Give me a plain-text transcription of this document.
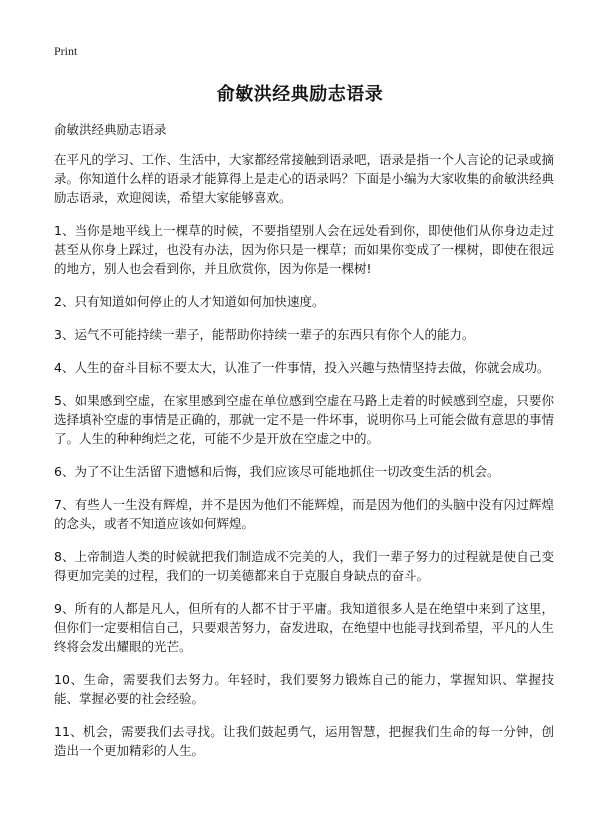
Print
俞敏洪经典励志语录
俞敏洪经典励志语录

在平凡的学习、工作、生活中，大家都经常接触到语录吧，语录是指一个人言论的记录或摘录。你知道什么样的语录才能算得上是走心的语录吗？下面是小编为大家收集的俞敏洪经典励志语录，欢迎阅读，希望大家能够喜欢。

1、当你是地平线上一棵草的时候，不要指望别人会在远处看到你，即使他们从你身边走过甚至从你身上踩过，也没有办法，因为你只是一棵草；而如果你变成了一棵树，即使在很远的地方，别人也会看到你，并且欣赏你，因为你是一棵树!

2、只有知道如何停止的人才知道如何加快速度。

3、运气不可能持续一辈子，能帮助你持续一辈子的东西只有你个人的能力。

4、人生的奋斗目标不要太大，认准了一件事情，投入兴趣与热情坚持去做，你就会成功。

5、如果感到空虚，在家里感到空虚在单位感到空虚在马路上走着的时候感到空虚，只要你选择填补空虚的事情是正确的，那就一定不是一件坏事，说明你马上可能会做有意思的事情了。人生的种种绚烂之花，可能不少是开放在空虚之中的。

6、为了不让生活留下遗憾和后悔，我们应该尽可能地抓住一切改变生活的机会。

7、有些人一生没有辉煌，并不是因为他们不能辉煌，而是因为他们的头脑中没有闪过辉煌的念头，或者不知道应该如何辉煌。

8、上帝制造人类的时候就把我们制造成不完美的人，我们一辈子努力的过程就是使自己变得更加完美的过程，我们的一切美德都来自于克服自身缺点的奋斗。

9、所有的人都是凡人，但所有的人都不甘于平庸。我知道很多人是在绝望中来到了这里，但你们一定要相信自己，只要艰苦努力，奋发进取，在绝望中也能寻找到希望，平凡的人生终将会发出耀眼的光芒。

10、生命，需要我们去努力。年轻时，我们要努力锻炼自己的能力，掌握知识、掌握技能、掌握必要的社会经验。

11、机会，需要我们去寻找。让我们鼓起勇气，运用智慧，把握我们生命的每一分钟，创造出一个更加精彩的人生。
